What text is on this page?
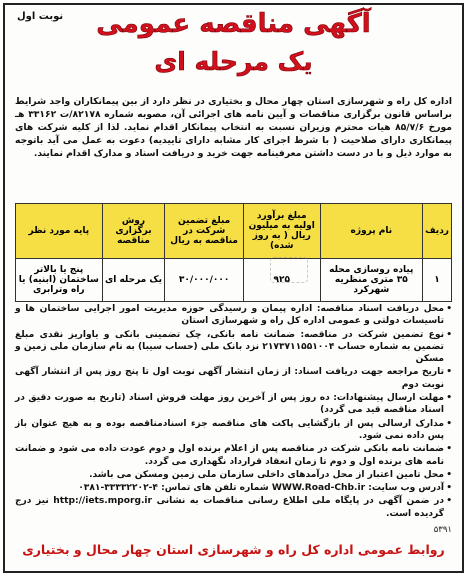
نوبت اول	آگهی مناقصه عمومی
یک مرحله ای
اداره کل راه و شهرسازی استان چهار محال و بختیاری در نظر دارد از بین پیمانکاران واجد شرایط براساس قانون برگزاری مناقصات و آیین نامه های اجرائی آن، مصوبه شماره ۸۲۱۷۸/ت ۳۳۱۶۲ هـ مورخ ۸۵/۷/۶ هیات محترم وزیران نسبت به انتخاب پیمانکار اقدام نماید. لذا از کلیه شرکت های پیمانکاری دارای صلاحیت ( با شرط اجرای کار مشابه دارای تاییدیه) دعوت به عمل می آید باتوجه به موارد ذیل و با در دست داشتن معرفینامه جهت خرید و دریافت اسناد و مدارک اقدام نمایند.
ردیف	نام پروژه	مبلغ برآورد اولیه به میلیون ریال ( به روز شده)	مبلغ تضمین شرکت در مناقصه به ریال	روش برگزاری مناقصه	پایه مورد نظر
۱	پیاده روسازی محله ۳۵ متری منظریه شهرکرد	۹۲۵	۳۰/۰۰۰/۰۰۰	یک مرحله ای	پنج یا بالاتر ساختمان (ابنیه) یا راه وترابری
• محل دریافت اسناد مناقصه: اداره پیمان و رسیدگی حوزه مدیریت امور اجرایی ساختمان ها و تاسیسات دولتی و عمومی اداره کل راه و شهرسازی استان
• نوع تضمین شرکت در مناقصه: ضمانت نامه بانکی، چک تضمینی بانکی و یاواریز نقدی مبلغ تضمین به شماره حساب ۲۱۷۳۷۱۱۵۵۱۰۰۴ نزد بانک ملی (حساب سیبا) به نام سازمان ملی زمین و مسکن
• تاریخ مراجعه جهت دریافت اسناد: از زمان انتشار آگهی نوبت اول تا پنج روز پس از انتشار آگهی نوبت دوم
• مهلت ارسال پیشنهادات: ده روز پس از آخرین روز مهلت فروش اسناد (تاریخ به صورت دقیق در اسناد مناقصه قید می گردد)
• مدارک ارسالی پس از بازگشایی پاکت های مناقصه جزء اسنادمناقصه بوده و به هیچ عنوان باز پس داده نمی شود.
• ضمانت نامه بانکی شرکت در مناقصه پس از اعلام برنده اول و دوم عودت داده می شود و ضمانت نامه های برنده اول و دوم تا زمان انعقاد قرارداد نگهداری می گردد.
• محل تامین اعتبار از محل درآمدهای داخلی سازمان ملی زمین ومسکن می باشد.
• آدرس وب سایت: WWW.Road-Chb.ir شماره تلفن های تماس: ۴-۳۳۳۳۲۲۰۲-۰۳۸۱
• در ضمن آگهی در پایگاه ملی اطلاع رسانی مناقصات به نشانی http://iets.mporg.ir نیز درج گردیده است.
۵۳۹۱
روابط عمومی اداره کل راه و شهرسازی استان چهار محال و بختیاری
